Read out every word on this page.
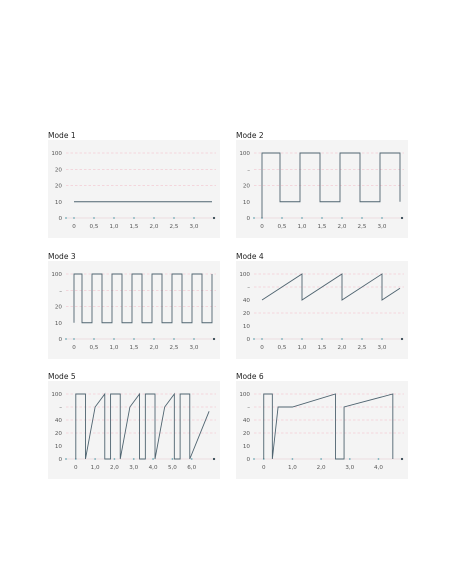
Mode 1
0
10
20
20
100
0 0,5 1,0 1,5 2,0 2,5 3,0
Mode 2
0
10
20
–
100
0 0,5 1,0 1,5 2,0 2,5 3,0
Mode 3
0
10
20
–
100
0 0,5 1,0 1,5 2,0 2,5 3,0
Mode 4
0
10
20
40
–
100
0 0,5 1,0 1,5 2,0 2,5 3,0
Mode 5
0
10
20
40
–
100
0 1,0 2,0 3,0 4,0 5,0 6,0
Mode 6
0
10
20
40
–
100
0	1,0	2,0	3,0	4,0
